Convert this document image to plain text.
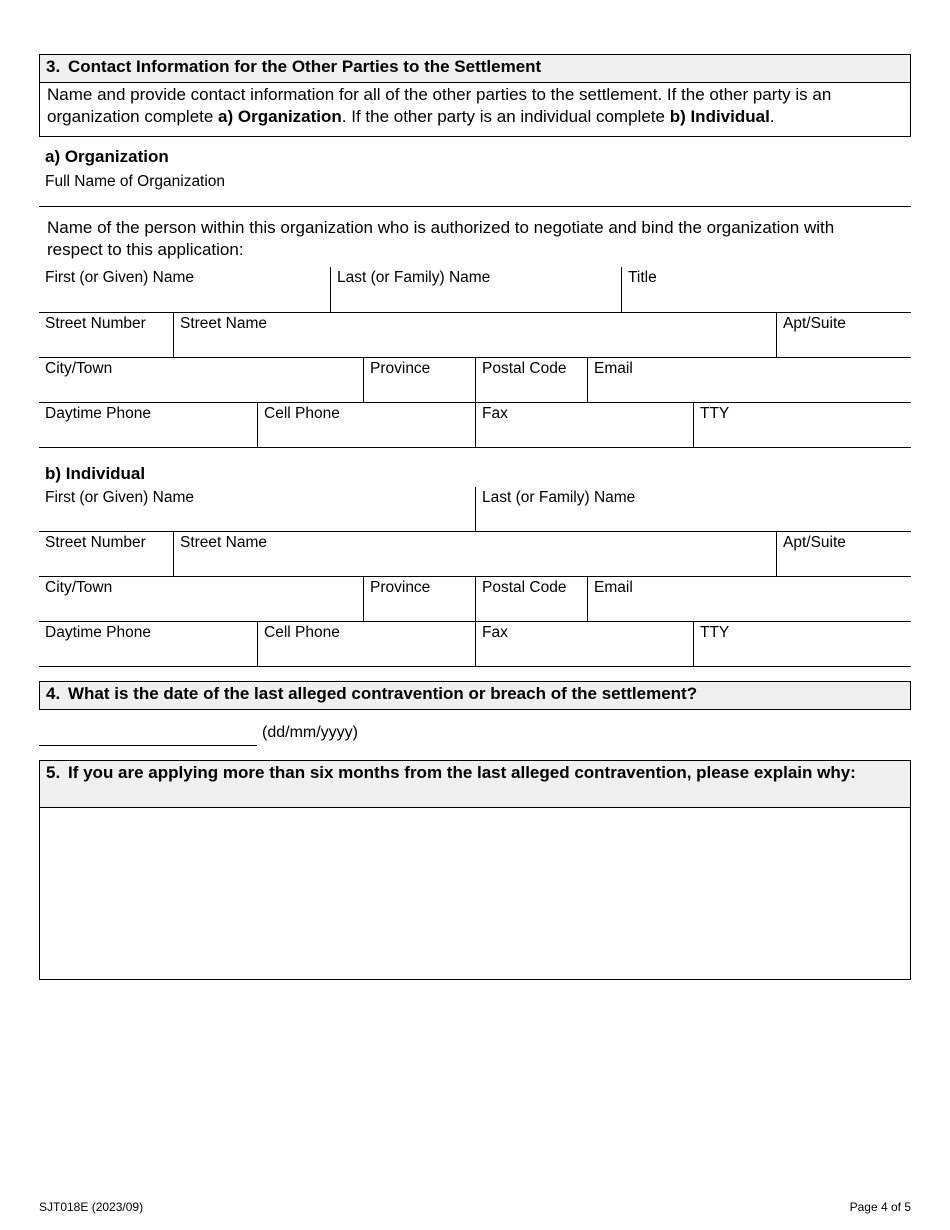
3. Contact Information for the Other Parties to the Settlement
Name and provide contact information for all of the other parties to the settlement. If the other party is an organization complete a) Organization. If the other party is an individual complete b) Individual.
a) Organization
Full Name of Organization
Name of the person within this organization who is authorized to negotiate and bind the organization with respect to this application:
First (or Given) Name	Last (or Family) Name	Title
Street Number	Street Name	Apt/Suite
City/Town	Province	Postal Code	Email
Daytime Phone	Cell Phone	Fax	TTY
b) Individual
First (or Given) Name	Last (or Family) Name
Street Number	Street Name	Apt/Suite
City/Town	Province	Postal Code	Email
Daytime Phone	Cell Phone	Fax	TTY
4. What is the date of the last alleged contravention or breach of the settlement?
(dd/mm/yyyy)
5. If you are applying more than six months from the last alleged contravention, please explain why:
SJT018E (2023/09)	Page 4 of 5
